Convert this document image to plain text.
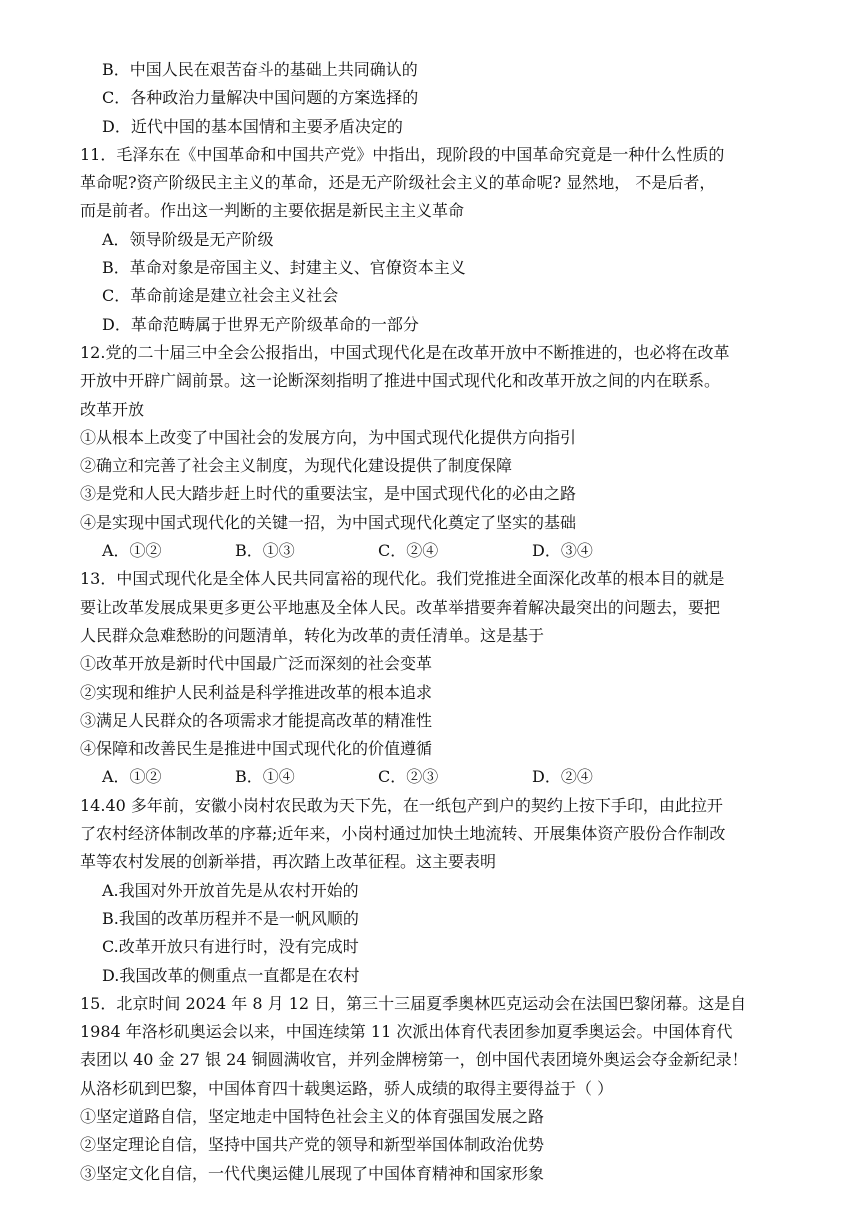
B．中国人民在艰苦奋斗的基础上共同确认的
C．各种政治力量解决中国问题的方案选择的
D．近代中国的基本国情和主要矛盾决定的
11．毛泽东在《中国革命和中国共产党》中指出，现阶段的中国革命究竟是一种什么性质的
革命呢?资产阶级民主主义的革命，还是无产阶级社会主义的革命呢? 显然地， 不是后者，
而是前者。作出这一判断的主要依据是新民主主义革命
A．领导阶级是无产阶级
B．革命对象是帝国主义、封建主义、官僚资本主义
C．革命前途是建立社会主义社会
D．革命范畴属于世界无产阶级革命的一部分
12.党的二十届三中全会公报指出，中国式现代化是在改革开放中不断推进的，也必将在改革
开放中开辟广阔前景。这一论断深刻指明了推进中国式现代化和改革开放之间的内在联系。
改革开放
①从根本上改变了中国社会的发展方向，为中国式现代化提供方向指引
②确立和完善了社会主义制度，为现代化建设提供了制度保障
③是党和人民大踏步赶上时代的重要法宝，是中国式现代化的必由之路
④是实现中国式现代化的关键一招，为中国式现代化奠定了坚实的基础
A．①②	B．①③	C．②④	D．③④
13．中国式现代化是全体人民共同富裕的现代化。我们党推进全面深化改革的根本目的就是
要让改革发展成果更多更公平地惠及全体人民。改革举措要奔着解决最突出的问题去，要把
人民群众急难愁盼的问题清单，转化为改革的责任清单。这是基于
①改革开放是新时代中国最广泛而深刻的社会变革
②实现和维护人民利益是科学推进改革的根本追求
③满足人民群众的各项需求才能提高改革的精准性
④保障和改善民生是推进中国式现代化的价值遵循
A．①②	B．①④	C．②③	D．②④
14.40 多年前，安徽小岗村农民敢为天下先，在一纸包产到户的契约上按下手印，由此拉开
了农村经济体制改革的序幕;近年来，小岗村通过加快土地流转、开展集体资产股份合作制改
革等农村发展的创新举措，再次踏上改革征程。这主要表明
A.我国对外开放首先是从农村开始的
B.我国的改革历程并不是一帆风顺的
C.改革开放只有进行时，没有完成时
D.我国改革的侧重点一直都是在农村
15．北京时间 2024 年 8 月 12 日，第三十三届夏季奥林匹克运动会在法国巴黎闭幕。这是自
1984 年洛杉矶奥运会以来，中国连续第 11 次派出体育代表团参加夏季奥运会。中国体育代
表团以 40 金 27 银 24 铜圆满收官，并列金牌榜第一，创中国代表团境外奥运会夺金新纪录！
从洛杉矶到巴黎，中国体育四十载奥运路，骄人成绩的取得主要得益于（ ）
①坚定道路自信，坚定地走中国特色社会主义的体育强国发展之路
②坚定理论自信，坚持中国共产党的领导和新型举国体制政治优势
③坚定文化自信，一代代奥运健儿展现了中国体育精神和国家形象
